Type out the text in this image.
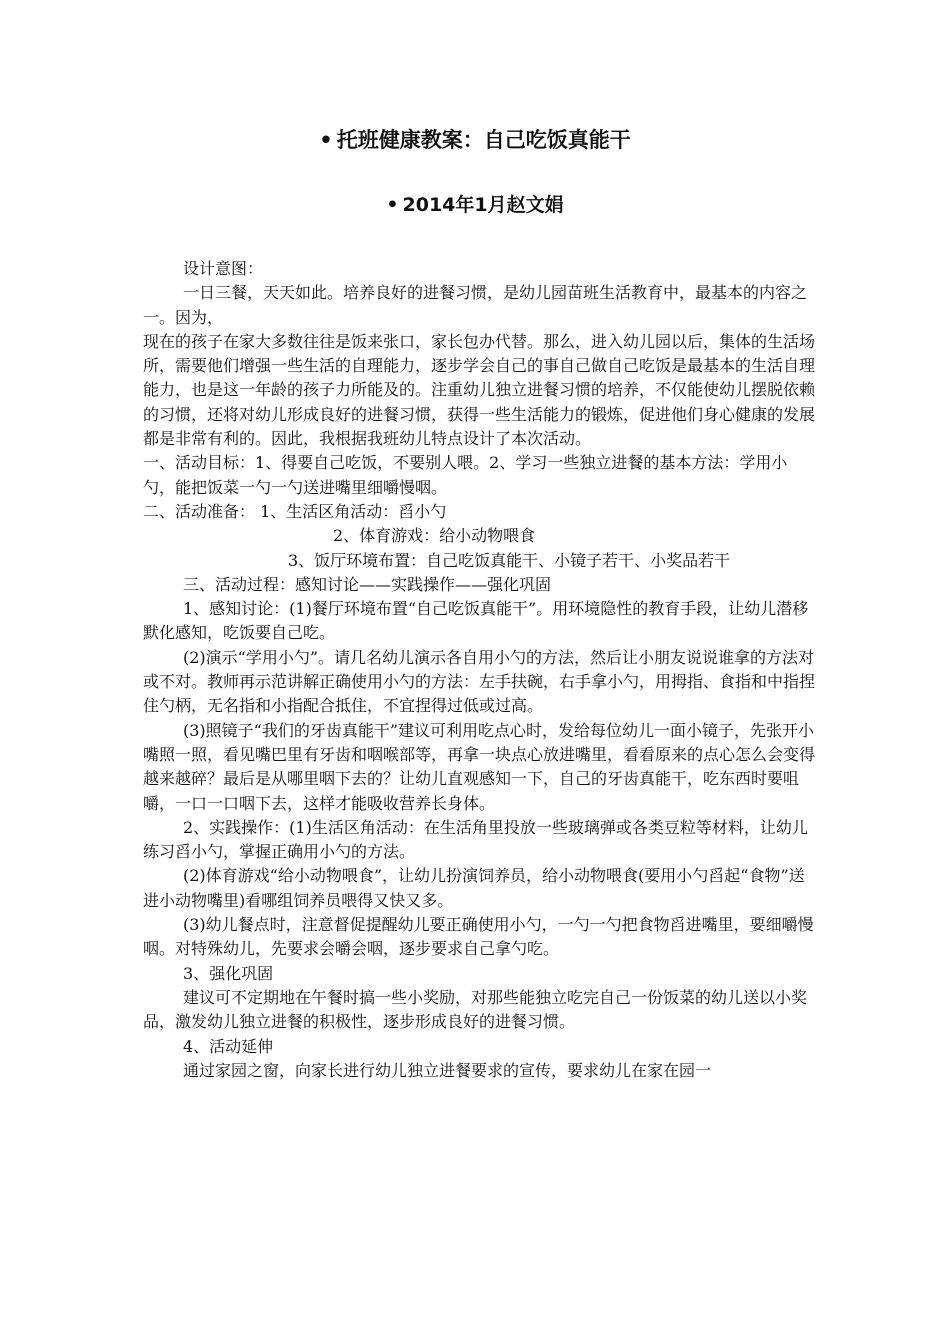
• 托班健康教案：自己吃饭真能干
• 2014年1月赵文娟

设计意图：

一日三餐，天天如此。培养良好的进餐习惯，是幼儿园苗班生活教育中，最基本的内容之一。因为，

现在的孩子在家大多数往往是饭来张口，家长包办代替。那么，进入幼儿园以后，集体的生活场所，需要他们增强一些生活的自理能力，逐步学会自己的事自己做自己吃饭是最基本的生活自理能力，也是这一年龄的孩子力所能及的。注重幼儿独立进餐习惯的培养，不仅能使幼儿摆脱依赖的习惯，还将对幼儿形成良好的进餐习惯，获得一些生活能力的锻炼，促进他们身心健康的发展都是非常有利的。因此，我根据我班幼儿特点设计了本次活动。

一、活动目标：1、得要自己吃饭，不要别人喂。2、学习一些独立进餐的基本方法：学用小勺，能把饭菜一勺一勺送进嘴里细嚼慢咽。

二、活动准备： 1、生活区角活动：舀小勺

2、体育游戏：给小动物喂食

3、饭厅环境布置：自己吃饭真能干、小镜子若干、小奖品若干

三、活动过程：感知讨论——实践操作——强化巩固

1、感知讨论：(1)餐厅环境布置“自己吃饭真能干”。用环境隐性的教育手段，让幼儿潜移默化感知，吃饭要自己吃。

(2)演示“学用小勺”。请几名幼儿演示各自用小勺的方法，然后让小朋友说说谁拿的方法对或不对。教师再示范讲解正确使用小勺的方法：左手扶碗，右手拿小勺，用拇指、食指和中指捏住勺柄，无名指和小指配合抵住，不宜捏得过低或过高。

(3)照镜子“我们的牙齿真能干”建议可利用吃点心时，发给每位幼儿一面小镜子，先张开小嘴照一照，看见嘴巴里有牙齿和咽喉部等，再拿一块点心放进嘴里，看看原来的点心怎么会变得越来越碎？最后是从哪里咽下去的？让幼儿直观感知一下，自己的牙齿真能干，吃东西时要咀嚼，一口一口咽下去，这样才能吸收营养长身体。

2、实践操作：(1)生活区角活动：在生活角里投放一些玻璃弹或各类豆粒等材料，让幼儿练习舀小勺，掌握正确用小勺的方法。

(2)体育游戏“给小动物喂食”，让幼儿扮演饲养员，给小动物喂食(要用小勺舀起“食物”送进小动物嘴里)看哪组饲养员喂得又快又多。

(3)幼儿餐点时，注意督促提醒幼儿要正确使用小勺，一勺一勺把食物舀进嘴里，要细嚼慢咽。对特殊幼儿，先要求会嚼会咽，逐步要求自己拿勺吃。

3、强化巩固

建议可不定期地在午餐时搞一些小奖励，对那些能独立吃完自己一份饭菜的幼儿送以小奖品，激发幼儿独立进餐的积极性，逐步形成良好的进餐习惯。

4、活动延伸

通过家园之窗，向家长进行幼儿独立进餐要求的宣传，要求幼儿在家在园一
